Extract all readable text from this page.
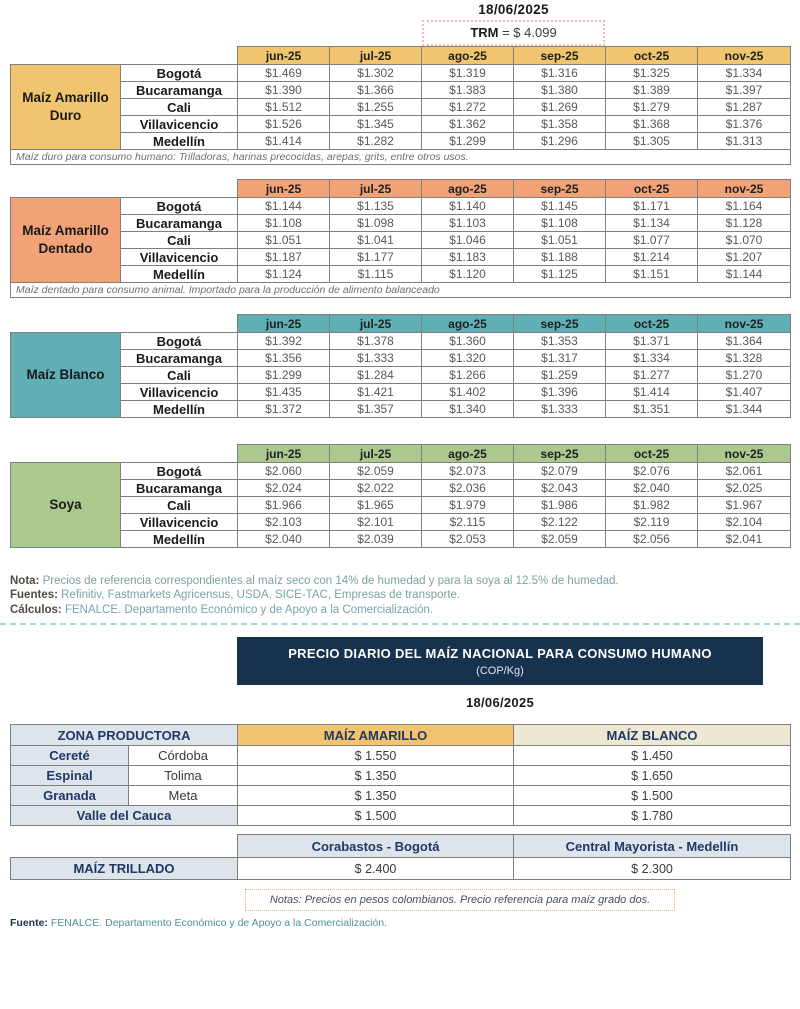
18/06/2025
TRM = $ 4.099
		jun-25	jul-25	ago-25	sep-25	oct-25	nov-25
Maíz Amarillo Duro	Bogotá	$1.469	$1.302	$1.319	$1.316	$1.325	$1.334
	Bucaramanga	$1.390	$1.366	$1.383	$1.380	$1.389	$1.397
	Cali	$1.512	$1.255	$1.272	$1.269	$1.279	$1.287
	Villavicencio	$1.526	$1.345	$1.362	$1.358	$1.368	$1.376
	Medellín	$1.414	$1.282	$1.299	$1.296	$1.305	$1.313
Maíz duro para consumo humano: Trilladoras, harinas precocidas, arepas, grits, entre otros usos.							
		jun-25	jul-25	ago-25	sep-25	oct-25	nov-25
Maíz Amarillo Dentado	Bogotá	$1.144	$1.135	$1.140	$1.145	$1.171	$1.164
	Bucaramanga	$1.108	$1.098	$1.103	$1.108	$1.134	$1.128
	Cali	$1.051	$1.041	$1.046	$1.051	$1.077	$1.070
	Villavicencio	$1.187	$1.177	$1.183	$1.188	$1.214	$1.207
	Medellín	$1.124	$1.115	$1.120	$1.125	$1.151	$1.144
Maíz dentado para consumo animal. Importado para la producción de alimento balanceado							
		jun-25	jul-25	ago-25	sep-25	oct-25	nov-25
Maíz Blanco	Bogotá	$1.392	$1.378	$1.360	$1.353	$1.371	$1.364
	Bucaramanga	$1.356	$1.333	$1.320	$1.317	$1.334	$1.328
	Cali	$1.299	$1.284	$1.266	$1.259	$1.277	$1.270
	Villavicencio	$1.435	$1.421	$1.402	$1.396	$1.414	$1.407
	Medellín	$1.372	$1.357	$1.340	$1.333	$1.351	$1.344
		jun-25	jul-25	ago-25	sep-25	oct-25	nov-25
Soya	Bogotá	$2.060	$2.059	$2.073	$2.079	$2.076	$2.061
	Bucaramanga	$2.024	$2.022	$2.036	$2.043	$2.040	$2.025
	Cali	$1.966	$1.965	$1.979	$1.986	$1.982	$1.967
	Villavicencio	$2.103	$2.101	$2.115	$2.122	$2.119	$2.104
	Medellín	$2.040	$2.039	$2.053	$2.059	$2.056	$2.041
Nota: Precios de referencia correspondientes al maíz seco con 14% de humedad y para la soya al 12.5% de humedad.
Fuentes: Refinitiv, Fastmarkets Agricensus, USDA, SICE-TAC, Empresas de transporte.
Cálculos: FENALCE. Departamento Económico y de Apoyo a la Comercialización.
PRECIO DIARIO DEL MAÍZ NACIONAL PARA CONSUMO HUMANO
(COP/Kg)
18/06/2025
ZONA PRODUCTORA		MAÍZ AMARILLO	MAÍZ BLANCO
Cereté	Córdoba	$ 1.550	$ 1.450
Espinal	Tolima	$ 1.350	$ 1.650
Granada	Meta	$ 1.350	$ 1.500
Valle del Cauca		$ 1.500	$ 1.780
	Corabastos - Bogotá	Central Mayorista - Medellín
MAÍZ TRILLADO	$ 2.400	$ 2.300
Notas: Precios en pesos colombianos. Precio referencia para maíz grado dos.
Fuente: FENALCE. Departamento Económico y de Apoyo a la Comercialización.
